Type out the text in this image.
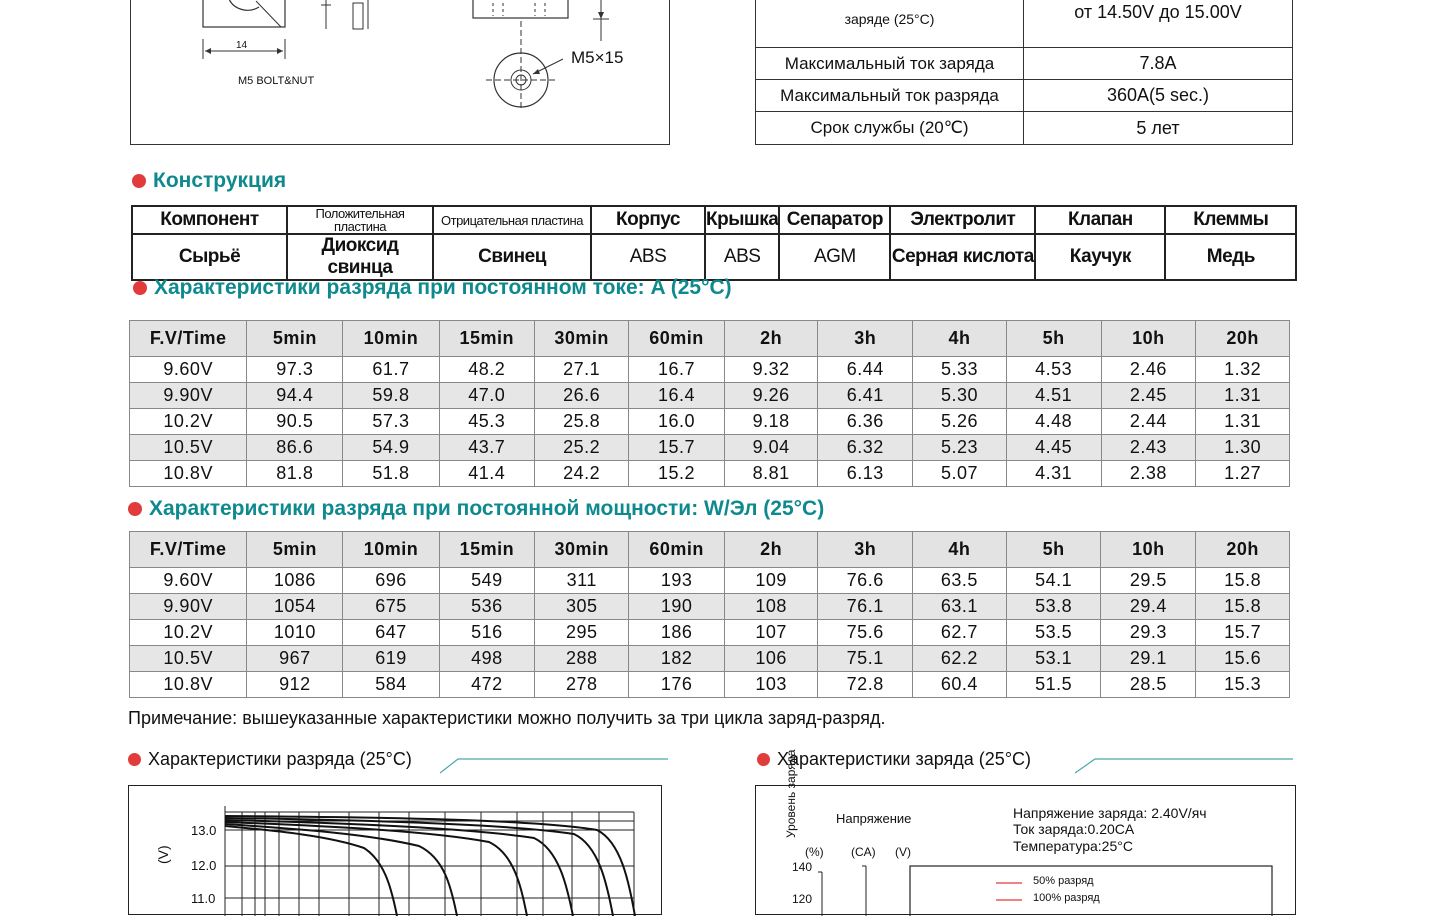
14
M5 BOLT&NUT
M5×15
заряде (25°C)	от 14.50V до 15.00V
Максимальный ток заряда	7.8A
Максимальный ток разряда	360A(5 sec.)
Срок службы (20℃)	5 лет
Конструкция
Компонент	Положительная пластина	Отрицательная пластина	Корпус	Крышка	Сепаратор	Электролит	Клапан	Клеммы
Сырьё	Диоксид свинца	Свинец	ABS	ABS	AGM	Серная кислота	Каучук	Медь
Характеристики разряда при постоянном токе: A (25°C)
F.V/Time	5min	10min	15min	30min	60min	2h	3h	4h	5h	10h	20h
9.60V	97.3	61.7	48.2	27.1	16.7	9.32	6.44	5.33	4.53	2.46	1.32
9.90V	94.4	59.8	47.0	26.6	16.4	9.26	6.41	5.30	4.51	2.45	1.31
10.2V	90.5	57.3	45.3	25.8	16.0	9.18	6.36	5.26	4.48	2.44	1.31
10.5V	86.6	54.9	43.7	25.2	15.7	9.04	6.32	5.23	4.45	2.43	1.30
10.8V	81.8	51.8	41.4	24.2	15.2	8.81	6.13	5.07	4.31	2.38	1.27
Характеристики разряда при постоянной мощности: W/Эл (25°C)
F.V/Time	5min	10min	15min	30min	60min	2h	3h	4h	5h	10h	20h
9.60V	1086	696	549	311	193	109	76.6	63.5	54.1	29.5	15.8
9.90V	1054	675	536	305	190	108	76.1	63.1	53.8	29.4	15.8
10.2V	1010	647	516	295	186	107	75.6	62.7	53.5	29.3	15.7
10.5V	967	619	498	288	182	106	75.1	62.2	53.1	29.1	15.6
10.8V	912	584	472	278	176	103	72.8	60.4	51.5	28.5	15.3
Примечание: вышеуказанные характеристики можно получить за три цикла заряд-разряд.
Характеристики разряда (25°C)
13.0
12.0
11.0
(V)
Характеристики заряда (25°C)
Уровень заряда	Напряжение
(%) (CA) (V)
140
120
Напряжение заряда: 2.40V/яч
Ток заряда:0.20CA
Температура:25°C
50% разряд
100% разряд
